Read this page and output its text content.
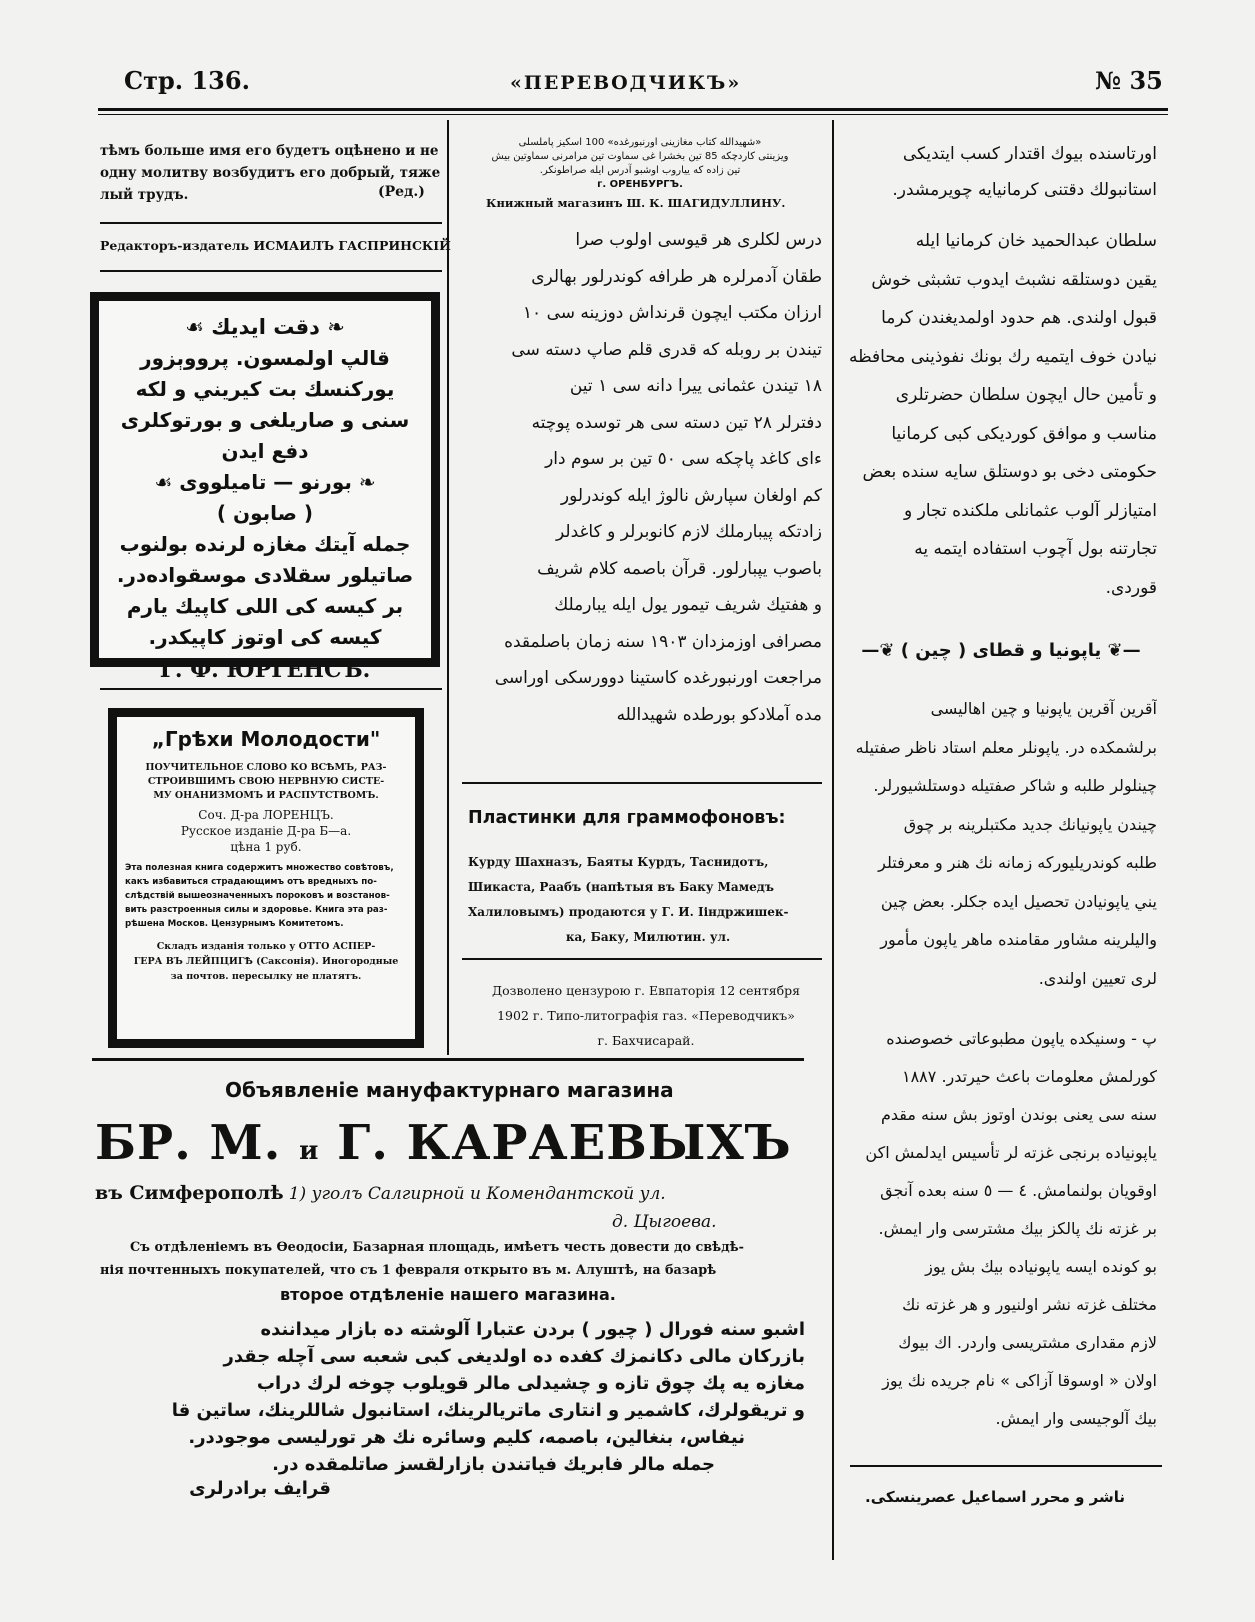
Стр. 136.	«ПЕРЕВОДЧИКЪ»	№ 35
тѣмъ больше имя его будетъ оцѣнено и не
одну молитву возбудитъ его добрый, тяже
лый трудъ.	(Ред.)
Редакторъ-издатель ИСМАИЛЪ ГАСПРИНСКІЙ
❧ دقت ایدیك ☙
قالپ اولمسون. پرووېزور
يوركنسك بت كيريني و لكه
سنى و صاريلغى و بورتوكلرى
دفع ايدن
❧ بورنو — تاميلووى ☙
( صابون )
جمله آيتك مغازه لرنده بولنوب
صاتيلور سقلادى موسقوادەدر.
بر كيسه كى اللى كاپيك يارم
كيسه كى اوتوز كاپيكدر.
Г. Ф. ЮРГЕНСЪ.
„Грѣхи Молодости"
ПОУЧИТЕЛЬНОЕ СЛОВО КО ВСѢМЪ, РАЗ-
СТРОИВШИМЪ СВОЮ НЕРВНУЮ СИСТЕ-
МУ ОНАНИЗМОМЪ И РАСПУТСТВОМЪ.
Соч. Д-ра ЛОРЕНЦЪ.
Русское изданіе Д-ра Б—а.
цѣна 1 руб.
Эта полезная книга содержитъ множество совѣтовъ,
какъ избавиться страдающимъ отъ вредныхъ по-
слѣдствій вышеозначенныхъ пороковъ и возстанов-
вить разстроенныя силы и здоровье. Книга эта раз-
рѣшена Москов. Цензурнымъ Комитетомъ.
Складъ изданія только у ОТТО АСПЕР-
ГЕРА ВЪ ЛЕЙПЦИГѢ (Саксонія). Иногородные
за почтов. пересылку не платятъ.
«شهيدالله كتاب مغازينى اورنبورغده» 100 اسكيز پاملسلى
ويزينتى كاردچكه 85 تين بخشرا غى سماوت تين مرامرنى سماوتين بيش
تين زاده كه يياروب اوشبو آدرس ايله صراطونكر.
г. ОРЕНБУРГЪ.
Книжный магазинъ Ш. К. ШАГИДУЛЛИНУ.
درس لكلرى هر قيوسى اولوب صرا
طقان آدمرلره هر طرافه كوندرلور بهالرى
ارزان مكتب ايچون قرنداش دوزينه سى ١٠
تيندن بر روبله كه قدرى قلم صاپ دسته سى
١٨ تيندن عثمانى ييرا دانه سى ١ تين
دفترلر ٢٨ تين دسته سى هر توسده پوچته
ءاى كاغد پاچكه سى ٥٠ تين بر سوم دار
كم اولغان سپارش نالوژ ايله كوندرلور
زادتكه پيبارملك لازم كانوبرلر و كاغدلر
باصوب يپبارلور. قرآن باصمه كلام شريف
و هفتيك شريف تيمور يول ايله يبارملك
مصرافى اوزمزدان ١٩٠٣ سنه زمان باصلمقده
مراجعت اورنبورغده كاستينا دوورسكى اوراسى
مده آملادكو بورطده شهيدالله
Пластинки для граммофоновъ:
Курду Шахназъ, Баяты Курдъ, Таснидотъ,
Шикаста, Раабъ (напѣтыя въ Баку Мамедъ
Халиловымъ) продаются у Г. И. Ііндржишек-
ка, Баку, Милютин. ул.
Дозволено цензурою г. Евпаторія 12 сентября
1902 г. Типо-литографія газ. «Переводчикъ»
г. Бахчисарай.
اورتاسنده بيوك اقتدار كسب ايتديكى
استانبولك دقتنى كرمانيايه چويرمشدر.
سلطان عبدالحميد خان كرمانيا ايله
يقين دوستلقه نشبث ايدوب تشبثى خوش
قبول اولندى. هم حدود اولمديغندن كرما
نيادن خوف ايتميه رك بونك نفوذينى محافظه
و تأمين حال ايچون سلطان حضرتلرى
مناسب و موافق كورديكى كبى كرمانيا
حكومتى دخى بو دوستلق سايه سنده بعض
امتيازلر آلوب عثمانلى ملكنده تجار و
تجارتنه بول آچوب استفاده ايتمه يه
قوردى.
—❦ ياپونيا و قطاى ( چين ) ❦—
آقرين آقرين ياپونيا و چين اهاليسى
برلشمكده در. ياپونلر معلم استاد ناظر صفتيله
چينلولر طلبه و شاكر صفتيله دوستلشيورلر.
چيندن ياپونيانك جديد مكتبلرينه بر چوق
طلبه كوندريليوركه زمانه نك هنر و معرفتلر
يني ياپونيادن تحصيل ايده جكلر. بعض چين
واليلرينه مشاور مقامنده ماهر ياپون مأمور
لرى تعيين اولندى.
پ - وسنيكده ياپون مطبوعاتى خصوصنده
كورلمش معلومات باعث حيرتدر. ١٨٨٧
سنه سى يعنى بوندن اوتوز بش سنه مقدم
ياپونيادە برنجى غزته لر تأسيس ايدلمش اكن
اوقويان بولنمامش. ٤ — ٥ سنه بعده آنجق
بر غزته نك پالكز بيك مشترسى وار ايمش.
بو كونده ايسه ياپونياده بيك بش يوز
مختلف غزته نشر اولنيور و هر غزته نك
لازم مقدارى مشتريسى واردر. اك بيوك
اولان « اوسوقا آزاكى » نام جريده نك يوز
بيك آلوجيسى وار ايمش.
ناشر و محرر اسماعيل عصرينسكى.
Объявленіе мануфактурнаго магазина
БР. М. и Г. КАРАЕВЫХЪ
въ Симферополѣ 1) уголъ Салгирной и Комендантской ул.
д. Цыгоева.
Съ отдѣленіемъ въ Ѳеодосіи, Базарная площадь, имѣетъ честь довести до свѣдѣ-
нія почтенныхъ покупателей, что съ 1 февраля открыто въ м. Алуштѣ, на базарѣ
второе отдѣленіе нашего магазина.
اشبو سنه فورال ( چيور ) بردن عتبارا آلوشته ده بازار ميداننده
بازركان مالى دكانمزك كفده ده اولديغى كبى شعبه سى آچله جقدر
مغازه يه پك چوق تازه و چشيدلى مالر قويلوب چوخه لرك دراب
و تريقولرك، كاشمير و انتارى ماتريالرينك، استانبول شاللرينك، ساتين قا
نيفاس، بنغالين، باصمه، كليم وسائره نك هر تورليسى موجوددر.
جمله مالر فابريك فياتندن بازارلقسز صاتلمقده در.
قرايف برادرلرى
